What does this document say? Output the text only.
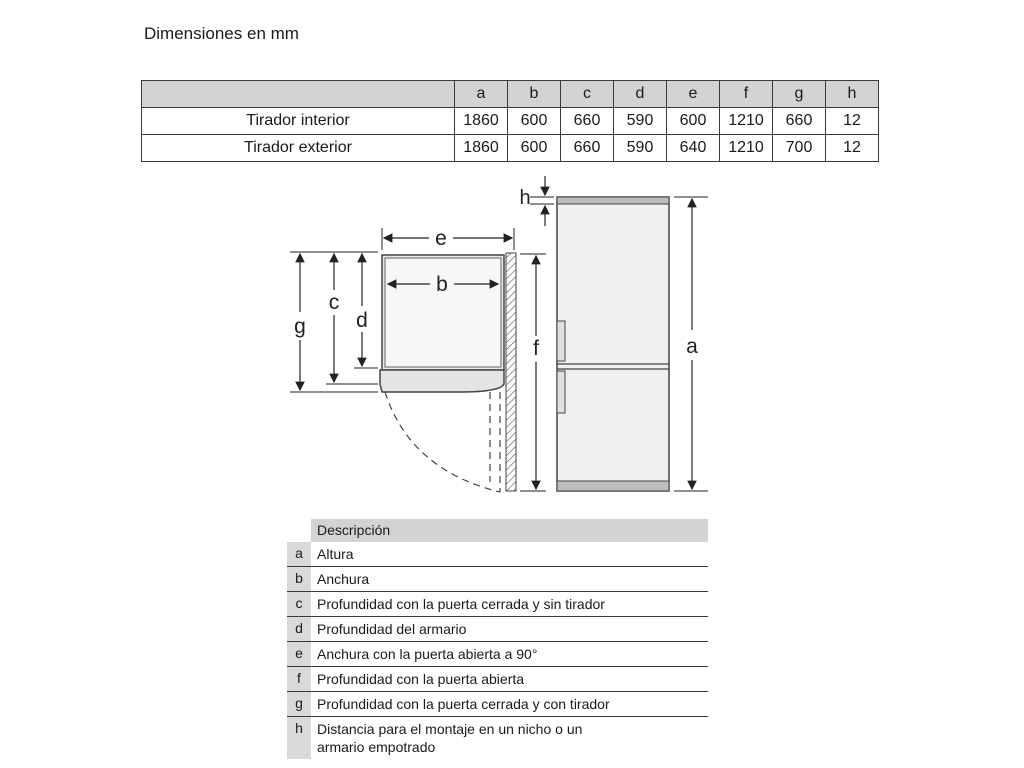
Dimensiones en mm
	a	b	c	d	e	f	g	h
Tirador interior	1860	600	660	590	600	1210	660	12
Tirador exterior	1860	600	660	590	640	1210	700	12
e
b
g
c
d
f
h
a
Descripción
a	Altura
b	Anchura
c	Profundidad con la puerta cerrada y sin tirador
d	Profundidad del armario
e	Anchura con la puerta abierta a 90°
f	Profundidad con la puerta abierta
g	Profundidad con la puerta cerrada y con tirador
h	Distancia para el montaje en un nicho o un armario empotrado
